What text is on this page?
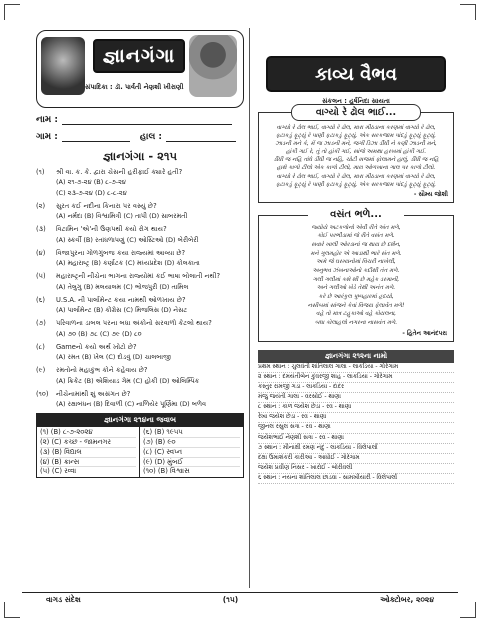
જ્ઞાનગંગા
સંપાદિકા : ડૉ. પાર્વતી નેણશી ખીરાણી
નામ :
ગામ :	હાલ :
જ્ઞાનગંગા - ૨૧૫
(૧)	શ્રી વા. ક. કે. દ્વારા ચેસની હરીફાઈ ક્યારે હતી?
(A) ૨૧-૭-૨૪ (B) ૮-૭-૨૪
(C) ૨૩-૭-૨૪ (D) ૮-૮-૨૪
(૨)	સુરત કઈ નદીના કિનારા પર વસ્યું છે?
(A) નર્મદા (B) વિશ્વામિત્રી (C) તાપી (D) સાબરમતી
(૩)	વિટામિન 'એ'ની ઉણપથી કયો રોગ થાય?
(A) સ્કર્વી (B) રતાંધળાપણું (C) ઓસ્ટિઓ (D) બેરીબેરી
(૪)	વિજાપુરના ગોળગુંબજ કયા રાજ્યમાં આવ્યા છે?
(A) મહારાષ્ટ્ર (B) કર્ણાટક (C) મધ્યપ્રદેશ (D) કોલકાતા
(૫)	મહારાષ્ટ્રની નીચેના ભાગના રાજ્યોમાં કઈ ભાષા બોલાતી નથી?
(A) તેલુગુ (B) મલયાલમ (C) ભોજપુરી (D) તામિલ
(૬)	U.S.A. ની પાર્લામેન્ટ કયા નામથી ઓળખાય છે?
(A) પાર્લામેન્ટ (B) કોંગ્રેસ (C) મિજલિસ (D) નેસટ
(૭)	પરિવાળના ડાબલ પરના બધા અંકોનો સરવાળો કેટલો થાય?
(A) ૭૦ (B) ૭૮ (C) ૭૯ (D) ૮૦
(૮)	Gameનો કયો અર્થ ખોટો છે?
(A) રમત (B) ખેલ (C) દોડવું (D) ચાલબાજી
(૯)	રમતોનો મહાકુંભ કોને કહેવાય છે?
(A) ક્રિકેટ (B) એશિયાડ ગેમ (C) હોકી (D) ઓલિમ્પિક
(૧૦)	નીચેનામાંથી શું અસંગત છે?
(A) રક્ષાબંધન (B) દિવાળી (C) નાળિયેર પૂર્ણિમા (D) બળેવ
જ્ઞાનગંગા ૨૧૪ના જવાબ
(૧) (B) ૮-૭-૨૦૨૪
(૨) (C) કચ્છ - જામનગર
(૩) (B) વિદ્યાલ
(૪) (B) ક્રાન્સ
(૫) (C) રવ્વા
(૬) (B) ૧૯૫૫
(૭) (B) ૯૦
(૮) (C) સ્વપ્ન
(૯) (D) મુંબઈ
(૧૦) (B) વિશ્વાસ
કાવ્ય વૈભવ
સંકલન : હર્ષનિદા સાયતા
વાગ્યો રે ઢોલ ભાઈ...
વાગ્યો રે ઢોલ ભાઈ, વાગ્યો રે ઢોલ, મારા મીઠડાના કરણમાં વાગ્યો રે ઢોલ,
ફટાકડું ફૂટ્યું રે પાણી ફટાકડું ફૂટ્યું, એક સરકજામ પાંદડું ફૂટ્યું ફૂટ્યું.
ઝાડની મને કે, મેં જ ઝાડની મને, જગી ડિઝા ડીંધી ને કણી ઝાડની મને,
હાંકી ગઈ રે, તું તો હાંકી ગઈ, સાંજે અમથા હરખમાં હાંકી ગઈ.
ડીંધી જ નહિ તાંધે ડીંધી જ નહિ, ચોટી સજમાં ફોલામને હાલું, ડીંધી જ નહિ
હાથે કાળો ટીલો એક કાળો ટીલો, મારા ઓળખાના ગાલ પર કાળો ટીલો.
વાગ્યો રે ઢોલ ભાઈ, વાગ્યો રે ઢોલ, મારા મીઠડાના કરણમાં વાગ્યો રે ઢોલ,
ફટાકડું ફૂટ્યું રે પાણી ફટાકડું ફૂટ્યું, એક સરકજામ પાંદડું ફૂટ્યું ફૂટ્યું.
- સૌમ્ય જોશી
વસંત ભળે...
જ્યોયે અટકળોનો એવી રીતે અંત મળે,
કોઈ પરભીડામાં જે રીતે વસંત મળે.
સવારે ખાલી ઓરડાનાં જ થાય છે દર્શન,
મને ગુલમહોર એ આડાથી ભારે સંત મળે.
અમે જે ઘરમ્યનોમાં વિચરી નાખેલી,
અનુભવ ઝંખનાઓનો કદીથી તંત મળે.
ગલી ગલીમાં કશે શી છે મહેક ડરમાની,
અને ગલીઓ ખેડે તેથી અનંત મળે.
કરે છે આરંકુલ પુષ્પહારમાં હૃદયો,
નસીબમાં સાંજને કેવાં વિજય ફેલાવેંત મળે!
વહે તો માત્ર ટહુકાઓ વહે કોયલના,
બધા કોલાહલો નગરના નાસવંત મળે.
- હિતેન આનંદપરા
જ્ઞાનગંગા ૨૧૨ના નામો
પ્રથમ સ્થાન : ચુલવંતી શાંતિલાલ ગાલા - લાકડિયા - ગોરેગામ
૨ સ્થાન : દમયંતીબેન કુંવરજી શાહ - લાકડિયા - ગોરેગામ
કસ્તુર રામજી ગડા - લાકડિયા - દાદર
મંજુ જયંતી ગાલા - વરસોઈ - થાણા
૮ સ્થાન : કાળ જયેશ છેડા - રવ - થાણા
રેખા જયેશ છેડા - રવ - થાણા
જીનલ રસુલ સત્રા - રવ - થાણા
જયેશભાઈ નેણશી સત્રા - રવ - થાણા
૭ સ્થાન : મીનાક્ષી રમણ નંદુ - લાકડિયા - વિલેપાર્લા
દક્ષા ઉમાશંકરી કારીઆ - આધોઈ - ગોરેગામ
જયેશ પ્રવીણ નિસર - ખારોઈ - બોરીવલી
૬ સ્થાન : નયના શાંતિલાલ છાડવા - સામખીયારી - વિલેપાર્લા
વાગડ સંદેશ	(૧૫)	ઓક્ટોબર, ૨૦૨૪
